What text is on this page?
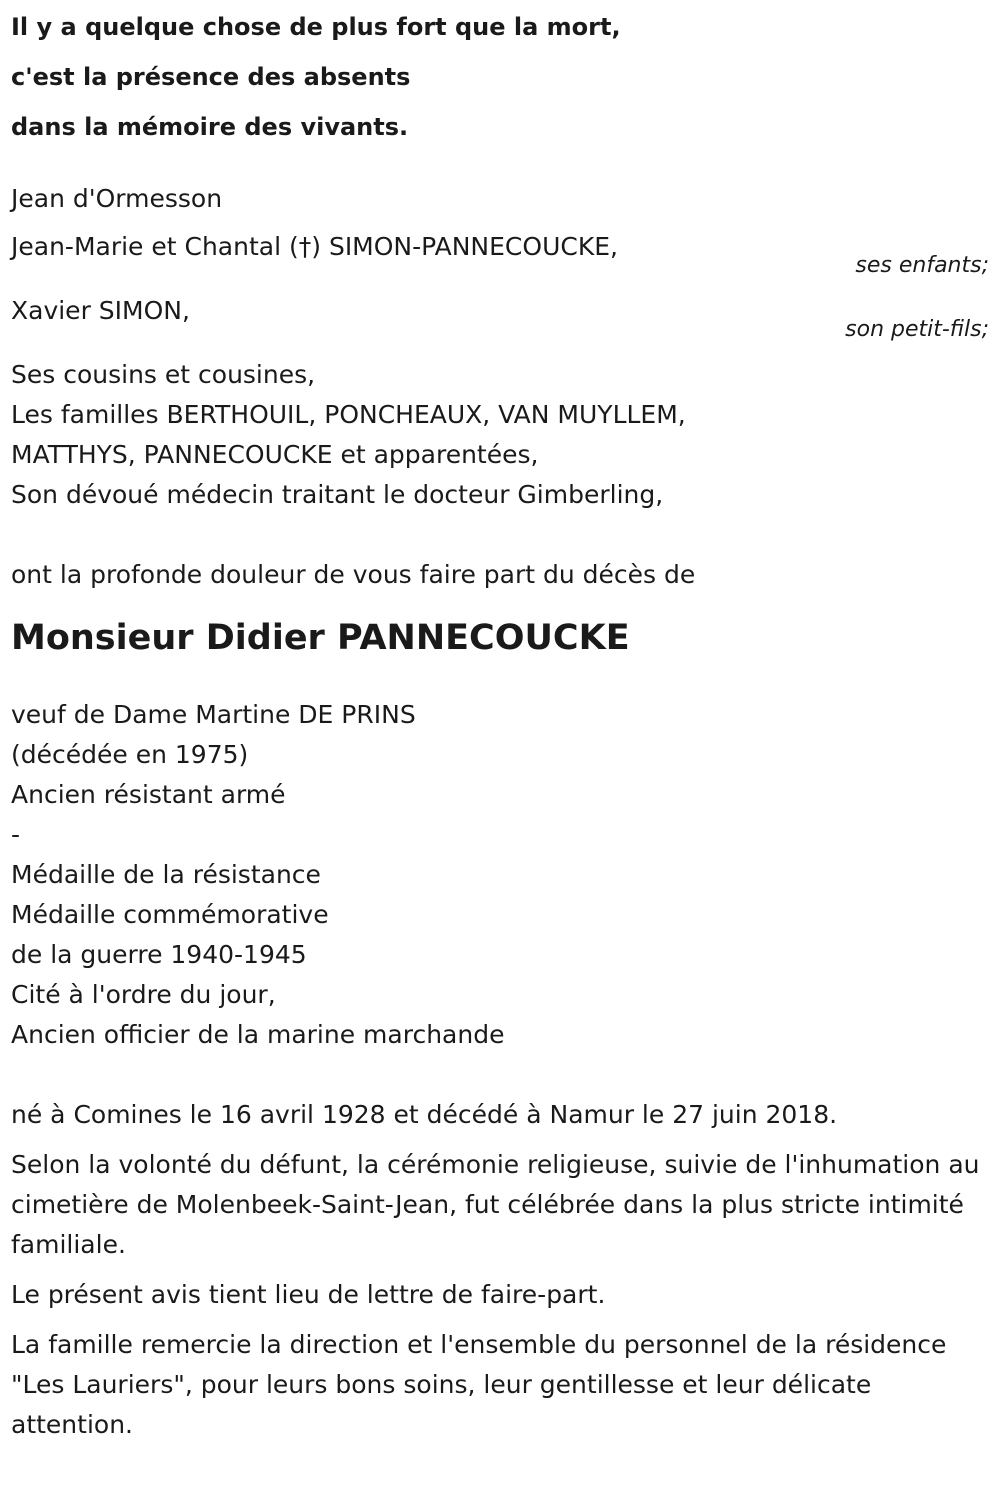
Il y a quelque chose de plus fort que la mort,
c'est la présence des absents
dans la mémoire des vivants.
Jean d'Ormesson
Jean-Marie et Chantal (†) SIMON-PANNECOUCKE,
ses enfants;
Xavier SIMON,
son petit-fils;
Ses cousins et cousines,
Les familles BERTHOUIL, PONCHEAUX, VAN MUYLLEM,
MATTHYS, PANNECOUCKE et apparentées,
Son dévoué médecin traitant le docteur Gimberling,
ont la profonde douleur de vous faire part du décès de
Monsieur Didier PANNECOUCKE
veuf de Dame Martine DE PRINS
(décédée en 1975)
Ancien résistant armé
-
Médaille de la résistance
Médaille commémorative
de la guerre 1940-1945
Cité à l'ordre du jour,
Ancien officier de la marine marchande
né à Comines le 16 avril 1928 et décédé à Namur le 27 juin 2018.
Selon la volonté du défunt, la cérémonie religieuse, suivie de l'inhumation au cimetière de Molenbeek-Saint-Jean, fut célébrée dans la plus stricte intimité familiale.
Le présent avis tient lieu de lettre de faire-part.
La famille remercie la direction et l'ensemble du personnel de la résidence "Les Lauriers", pour leurs bons soins, leur gentillesse et leur délicate attention.
